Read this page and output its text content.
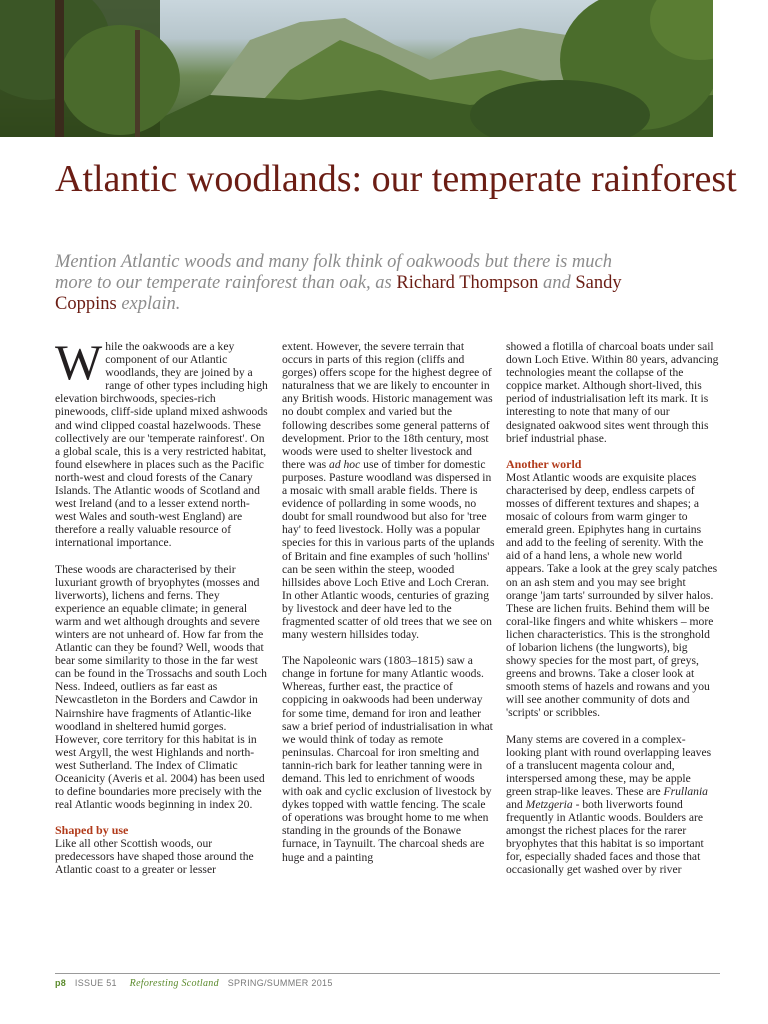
Atlantic woodlands: our temperate rainforest

Mention Atlantic woods and many folk think of oakwoods but there is much more to our temperate rainforest than oak, as Richard Thompson and Sandy Coppins explain.

While the oakwoods are a key component of our Atlantic woodlands, they are joined by a range of other types including high elevation birchwoods, species-rich pinewoods, cliff-side upland mixed ashwoods and wind clipped coastal hazelwoods. These collectively are our 'temperate rainforest'. On a global scale, this is a very restricted habitat, found elsewhere in places such as the Pacific north-west and cloud forests of the Canary Islands. The Atlantic woods of Scotland and west Ireland (and to a lesser extend north-west Wales and south-west England) are therefore a really valuable resource of international importance.

These woods are characterised by their luxuriant growth of bryophytes (mosses and liverworts), lichens and ferns. They experience an equable climate; in general warm and wet although droughts and severe winters are not unheard of. How far from the Atlantic can they be found? Well, woods that bear some similarity to those in the far west can be found in the Trossachs and south Loch Ness. Indeed, outliers as far east as Newcastleton in the Borders and Cawdor in Nairnshire have fragments of Atlantic-like woodland in sheltered humid gorges. However, core territory for this habitat is in west Argyll, the west Highlands and north-west Sutherland. The Index of Climatic Oceanicity (Averis et al. 2004) has been used to define boundaries more precisely with the real Atlantic woods beginning in index 20.

Shaped by use

Like all other Scottish woods, our predecessors have shaped those around the Atlantic coast to a greater or lesser

extent. However, the severe terrain that occurs in parts of this region (cliffs and gorges) offers scope for the highest degree of naturalness that we are likely to encounter in any British woods. Historic management was no doubt complex and varied but the following describes some general patterns of development. Prior to the 18th century, most woods were used to shelter livestock and there was ad hoc use of timber for domestic purposes. Pasture woodland was dispersed in a mosaic with small arable fields. There is evidence of pollarding in some woods, no doubt for small roundwood but also for 'tree hay' to feed livestock. Holly was a popular species for this in various parts of the uplands of Britain and fine examples of such 'hollins' can be seen within the steep, wooded hillsides above Loch Etive and Loch Creran. In other Atlantic woods, centuries of grazing by livestock and deer have led to the fragmented scatter of old trees that we see on many western hillsides today.

The Napoleonic wars (1803–1815) saw a change in fortune for many Atlantic woods. Whereas, further east, the practice of coppicing in oakwoods had been underway for some time, demand for iron and leather saw a brief period of industrialisation in what we would think of today as remote peninsulas. Charcoal for iron smelting and tannin-rich bark for leather tanning were in demand. This led to enrichment of woods with oak and cyclic exclusion of livestock by dykes topped with wattle fencing. The scale of operations was brought home to me when standing in the grounds of the Bonawe furnace, in Taynuilt. The charcoal sheds are huge and a painting

showed a flotilla of charcoal boats under sail down Loch Etive. Within 80 years, advancing technologies meant the collapse of the coppice market. Although short-lived, this period of industrialisation left its mark. It is interesting to note that many of our designated oakwood sites went through this brief industrial phase.

Another world

Most Atlantic woods are exquisite places characterised by deep, endless carpets of mosses of different textures and shapes; a mosaic of colours from warm ginger to emerald green. Epiphytes hang in curtains and add to the feeling of serenity. With the aid of a hand lens, a whole new world appears. Take a look at the grey scaly patches on an ash stem and you may see bright orange 'jam tarts' surrounded by silver halos. These are lichen fruits. Behind them will be coral-like fingers and white whiskers – more lichen characteristics. This is the stronghold of lobarion lichens (the lungworts), big showy species for the most part, of greys, greens and browns. Take a closer look at smooth stems of hazels and rowans and you will see another community of dots and 'scripts' or scribbles.

Many stems are covered in a complex-looking plant with round overlapping leaves of a translucent magenta colour and, interspersed among these, may be apple green strap-like leaves. These are Frullania and Metzgeria - both liverworts found frequently in Atlantic woods. Boulders are amongst the richest places for the rarer bryophytes that this habitat is so important for, especially shaded faces and those that occasionally get washed over by river

p8 ISSUE 51 Reforesting Scotland SPRING/SUMMER 2015
